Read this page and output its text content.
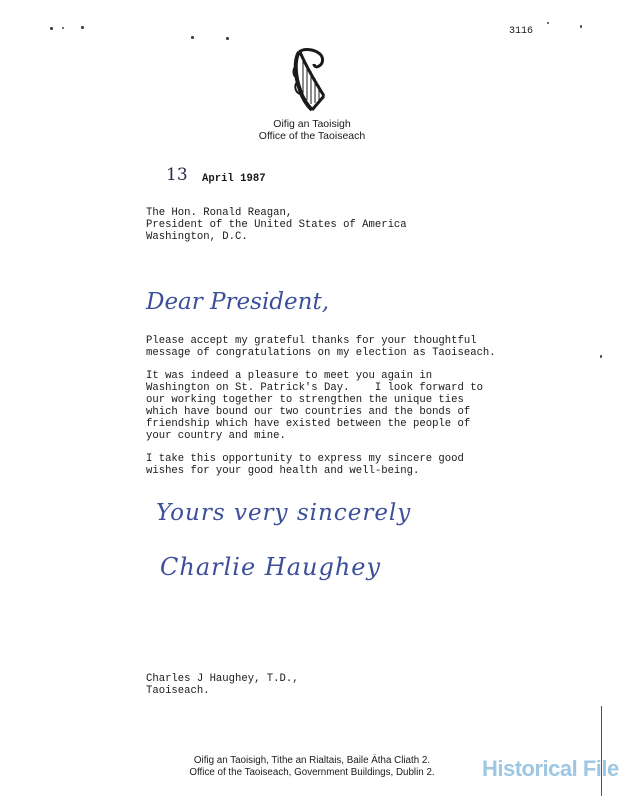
3116
Oifig an Taoisigh
Office of the Taoiseach
13 April 1987
The Hon. Ronald Reagan,
President of the United States of America
Washington, D.C.
Dear President,
Please accept my grateful thanks for your thoughtful
message of congratulations on my election as Taoiseach.
It was indeed a pleasure to meet you again in
Washington on St. Patrick's Day.    I look forward to
our working together to strengthen the unique ties
which have bound our two countries and the bonds of
friendship which have existed between the people of
your country and mine.
I take this opportunity to express my sincere good
wishes for your good health and well-being.
Yours very sincerely
Charlie Haughey
Charles J Haughey, T.D.,
Taoiseach.
Oifig an Taoisigh, Tithe an Rialtais, Baile Átha Cliath 2.
Office of the Taoiseach, Government Buildings, Dublin 2.	Historical File
